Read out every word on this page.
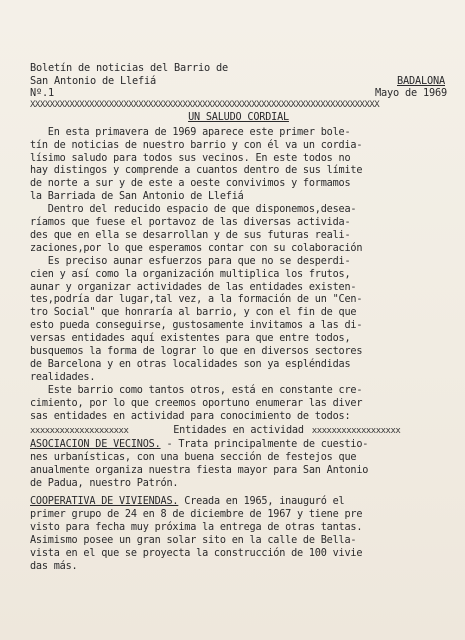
Boletín de noticias del Barrio de
San Antonio de Llefiá	BADALONA
Nº.1	Mayo de 1969
XXXXXXXXXXXXXXXXXXXXXXXXXXXXXXXXXXXXXXXXXXXXXXXXXXXXXXXXXXXXXXXXXXXXXXX
UN SALUDO CORDIAL
En esta primavera de 1969 aparece este primer bole-
tín de noticias de nuestro barrio y con él va un cordia-
lísimo saludo para todos sus vecinos. En este todos no
hay distingos y comprende a cuantos dentro de sus límite
de norte a sur y de este a oeste convivimos y formamos
la Barriada de San Antonio de Llefiá
Dentro del reducido espacio de que disponemos,desea-
ríamos que fuese el portavoz de las diversas activida-
des que en ella se desarrollan y de sus futuras reali-
zaciones,por lo que esperamos contar con su colaboración
Es preciso aunar esfuerzos para que no se desperdi-
cien y así como la organización multiplica los frutos,
aunar y organizar actividades de las entidades existen-
tes,podría dar lugar,tal vez, a la formación de un "Cen-
tro Social" que honraría al barrio, y con el fin de que
esto pueda conseguirse, gustosamente invitamos a las di-
versas entidades aquí existentes para que entre todos,
busquemos la forma de lograr lo que en diversos sectores
de Barcelona y en otras localidades son ya espléndidas
realidades.
Este barrio como tantos otros, está en constante cre-
cimiento, por lo que creemos oportuno enumerar las diver
sas entidades en actividad para conocimiento de todos:
xxxxxxxxxxxxxxxxxxxx	Entidades en actividad xxxxxxxxxxxxxxxxxx
ASOCIACION DE VECINOS. - Trata principalmente de cuestio-
nes urbanísticas, con una buena sección de festejos que
anualmente organiza nuestra fiesta mayor para San Antonio
de Padua, nuestro Patrón.
COOPERATIVA DE VIVIENDAS. Creada en 1965, inauguró el
primer grupo de 24 en 8 de diciembre de 1967 y tiene pre
visto para fecha muy próxima la entrega de otras tantas.
Asimismo posee un gran solar sito en la calle de Bella-
vista en el que se proyecta la construcción de 100 vivie
das más.
